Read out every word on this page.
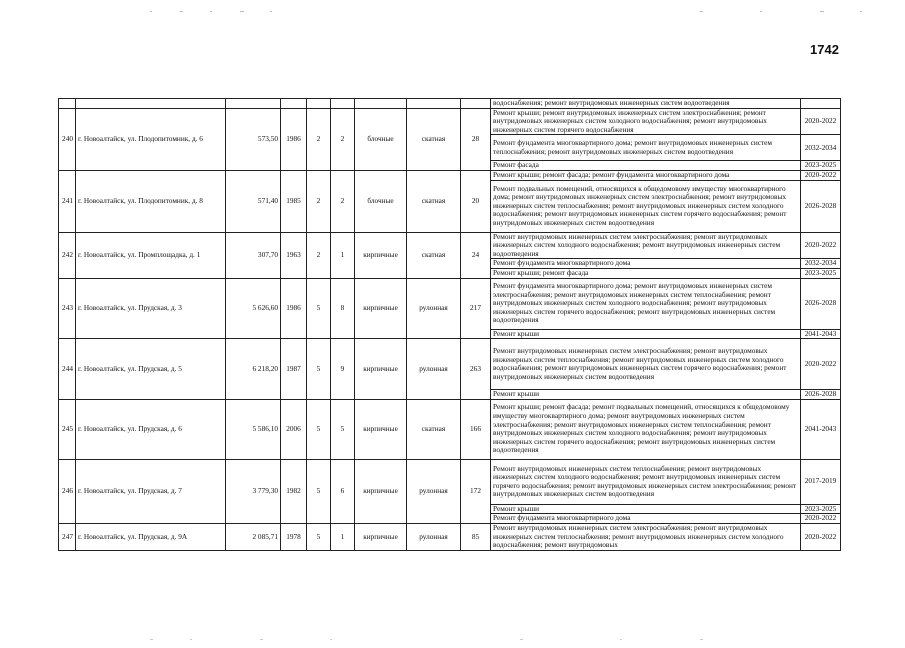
1742
									водоснабжения; ремонт внутридомовых инженерных систем водоотведения	
240	г. Новоалтайск, ул. Плодопитомник, д. 6	573,50	1986	2	2	блочные	скатная	28	Ремонт крыши; ремонт внутридомовых инженерных систем электроснабжения; ремонт внутридомовых инженерных систем холодного водоснабжения; ремонт внутридомовых инженерных систем горячего водоснабжения	2020-2022
									Ремонт фундамента многоквартирного дома; ремонт внутридомовых инженерных систем теплоснабжения; ремонт внутридомовых инженерных систем водоотведения	2032-2034
									Ремонт фасада	2023-2025
241	г. Новоалтайск, ул. Плодопитомник, д. 8	571,40	1985	2	2	блочные	скатная	20	Ремонт крыши; ремонт фасада; ремонт фундамента многоквартирного дома	2020-2022
									Ремонт подвальных помещений, относящихся к общедомовому имуществу многоквартирного дома; ремонт внутридомовых инженерных систем электроснабжения; ремонт внутридомовых инженерных систем теплоснабжения; ремонт внутридомовых инженерных систем холодного водоснабжения; ремонт внутридомовых инженерных систем горячего водоснабжения; ремонт внутридомовых инженерных систем водоотведения	2026-2028
242	г. Новоалтайск, ул. Промплощадка, д. 1	307,70	1963	2	1	кирпичные	скатная	24	Ремонт внутридомовых инженерных систем электроснабжения; ремонт внутридомовых инженерных систем холодного водоснабжения; ремонт внутридомовых инженерных систем водоотведения	2020-2022
									Ремонт фундамента многоквартирного дома	2032-2034
									Ремонт крыши; ремонт фасада	2023-2025
243	г. Новоалтайск, ул. Прудская, д. 3	5 626,60	1986	5	8	кирпичные	рулонная	217	Ремонт фундамента многоквартирного дома; ремонт внутридомовых инженерных систем электроснабжения; ремонт внутридомовых инженерных систем теплоснабжения; ремонт внутридомовых инженерных систем холодного водоснабжения; ремонт внутридомовых инженерных систем горячего водоснабжения; ремонт внутридомовых инженерных систем водоотведения	2026-2028
									Ремонт крыши	2041-2043
244	г. Новоалтайск, ул. Прудская, д. 5	6 218,20	1987	5	9	кирпичные	рулонная	263	Ремонт внутридомовых инженерных систем электроснабжения; ремонт внутридомовых инженерных систем теплоснабжения; ремонт внутридомовых инженерных систем холодного водоснабжения; ремонт внутридомовых инженерных систем горячего водоснабжения; ремонт внутридомовых инженерных систем водоотведения	2020-2022
									Ремонт крыши	2026-2028
245	г. Новоалтайск, ул. Прудская, д. 6	5 586,10	2006	5	5	кирпичные	скатная	166	Ремонт крыши; ремонт фасада; ремонт подвальных помещений, относящихся к общедомовому имуществу многоквартирного дома; ремонт внутридомовых инженерных систем электроснабжения; ремонт внутридомовых инженерных систем теплоснабжения; ремонт внутридомовых инженерных систем холодного водоснабжения; ремонт внутридомовых инженерных систем горячего водоснабжения; ремонт внутридомовых инженерных систем водоотведения	2041-2043
246	г. Новоалтайск, ул. Прудская, д. 7	3 779,30	1982	5	6	кирпичные	рулонная	172	Ремонт внутридомовых инженерных систем теплоснабжения; ремонт внутридомовых инженерных систем холодного водоснабжения; ремонт внутридомовых инженерных систем горячего водоснабжения; ремонт внутридомовых инженерных систем электроснабжения; ремонт внутридомовых инженерных систем водоотведения	2017-2019
									Ремонт крыши	2023-2025
									Ремонт фундамента многоквартирного дома	2020-2022
247	г. Новоалтайск, ул. Прудская, д. 9А	2 085,71	1978	5	1	кирпичные	рулонная	85	Ремонт внутридомовых инженерных систем электроснабжения; ремонт внутридомовых инженерных систем теплоснабжения; ремонт внутридомовых инженерных систем холодного водоснабжения; ремонт внутридомовых	2020-2022
